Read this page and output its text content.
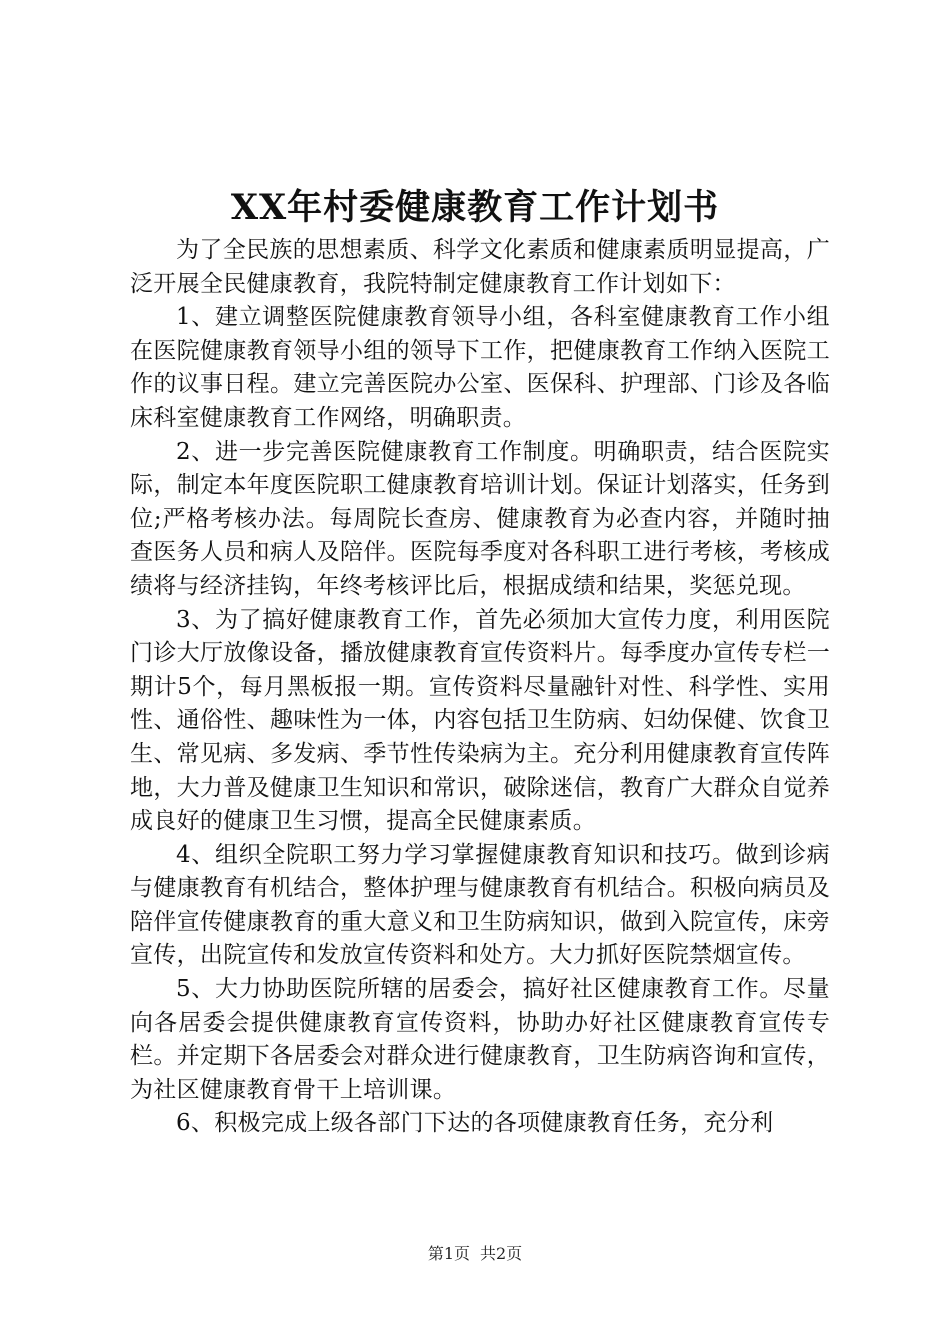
XX年村委健康教育工作计划书

为了全民族的思想素质、科学文化素质和健康素质明显提高，广泛开展全民健康教育，我院特制定健康教育工作计划如下：

1、建立调整医院健康教育领导小组，各科室健康教育工作小组在医院健康教育领导小组的领导下工作，把健康教育工作纳入医院工作的议事日程。建立完善医院办公室、医保科、护理部、门诊及各临床科室健康教育工作网络，明确职责。

2、进一步完善医院健康教育工作制度。明确职责，结合医院实际，制定本年度医院职工健康教育培训计划。保证计划落实，任务到位;严格考核办法。每周院长查房、健康教育为必查内容，并随时抽查医务人员和病人及陪伴。医院每季度对各科职工进行考核，考核成绩将与经济挂钩，年终考核评比后，根据成绩和结果，奖惩兑现。

3、为了搞好健康教育工作，首先必须加大宣传力度，利用医院门诊大厅放像设备，播放健康教育宣传资料片。每季度办宣传专栏一期计5个，每月黑板报一期。宣传资料尽量融针对性、科学性、实用性、通俗性、趣味性为一体，内容包括卫生防病、妇幼保健、饮食卫生、常见病、多发病、季节性传染病为主。充分利用健康教育宣传阵地，大力普及健康卫生知识和常识，破除迷信，教育广大群众自觉养成良好的健康卫生习惯，提高全民健康素质。

4、组织全院职工努力学习掌握健康教育知识和技巧。做到诊病与健康教育有机结合，整体护理与健康教育有机结合。积极向病员及陪伴宣传健康教育的重大意义和卫生防病知识，做到入院宣传，床旁宣传，出院宣传和发放宣传资料和处方。大力抓好医院禁烟宣传。

5、大力协助医院所辖的居委会，搞好社区健康教育工作。尽量向各居委会提供健康教育宣传资料，协助办好社区健康教育宣传专栏。并定期下各居委会对群众进行健康教育，卫生防病咨询和宣传，为社区健康教育骨干上培训课。

6、积极完成上级各部门下达的各项健康教育任务，充分利

第1页 共2页
